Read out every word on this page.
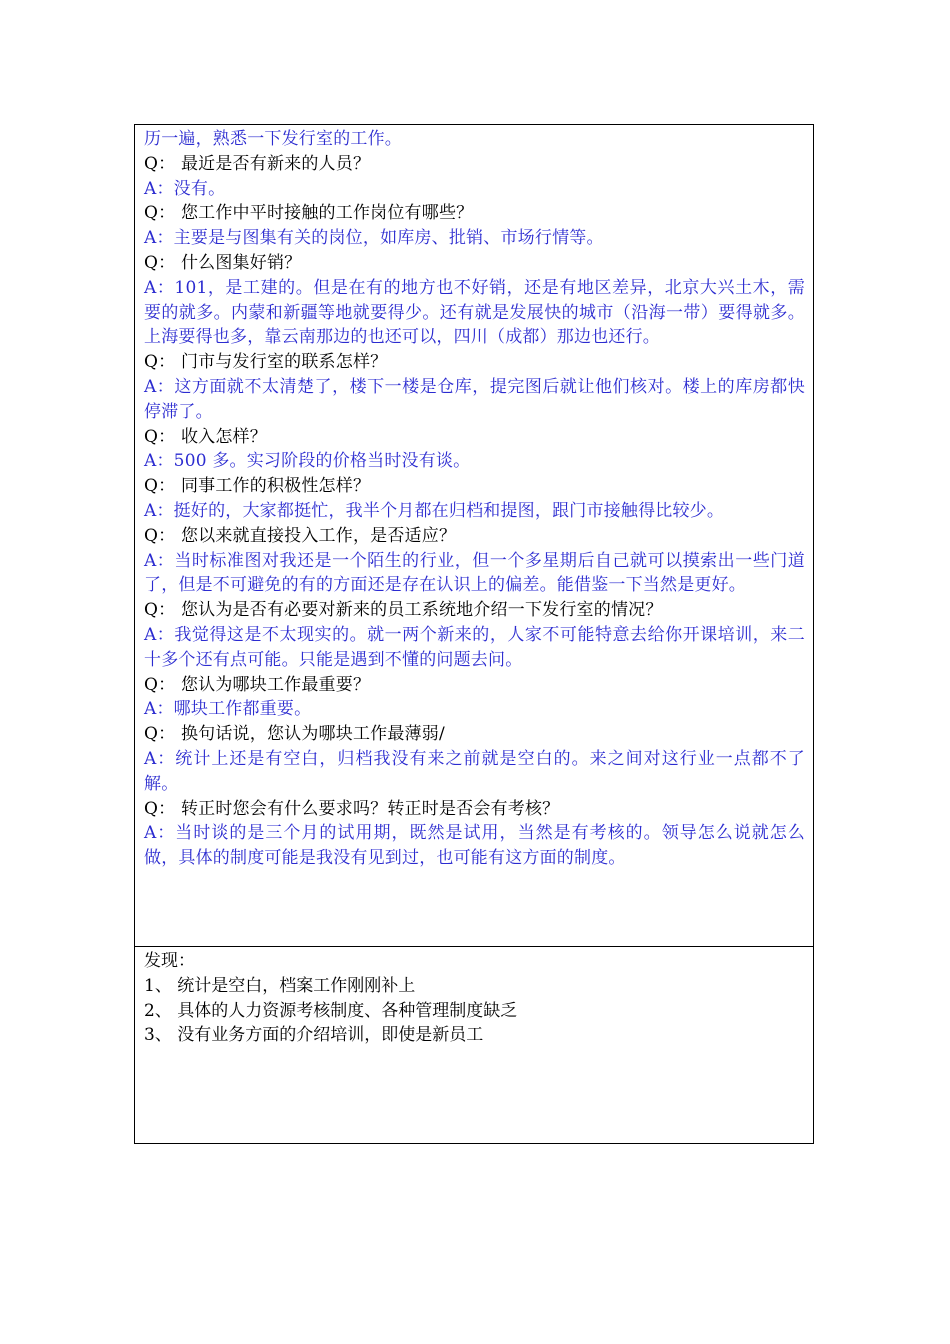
历一遍，熟悉一下发行室的工作。

Q： 最近是否有新来的人员？

A：没有。

Q： 您工作中平时接触的工作岗位有哪些？

A：主要是与图集有关的岗位，如库房、批销、市场行情等。

Q： 什么图集好销？

A：101，是工建的。但是在有的地方也不好销，还是有地区差异，北京大兴土木，需要的就多。内蒙和新疆等地就要得少。还有就是发展快的城市（沿海一带）要得就多。上海要得也多，靠云南那边的也还可以，四川（成都）那边也还行。

Q： 门市与发行室的联系怎样？

A：这方面就不太清楚了，楼下一楼是仓库，提完图后就让他们核对。楼上的库房都快停滞了。

Q： 收入怎样？

A：500 多。实习阶段的价格当时没有谈。

Q： 同事工作的积极性怎样？

A：挺好的，大家都挺忙，我半个月都在归档和提图，跟门市接触得比较少。

Q： 您以来就直接投入工作，是否适应？

A：当时标准图对我还是一个陌生的行业，但一个多星期后自己就可以摸索出一些门道了，但是不可避免的有的方面还是存在认识上的偏差。能借鉴一下当然是更好。

Q： 您认为是否有必要对新来的员工系统地介绍一下发行室的情况？

A：我觉得这是不太现实的。就一两个新来的，人家不可能特意去给你开课培训，来二十多个还有点可能。只能是遇到不懂的问题去问。

Q： 您认为哪块工作最重要？

A：哪块工作都重要。

Q： 换句话说，您认为哪块工作最薄弱/

A：统计上还是有空白，归档我没有来之前就是空白的。来之间对这行业一点都不了解。

Q： 转正时您会有什么要求吗？转正时是否会有考核？

A：当时谈的是三个月的试用期，既然是试用，当然是有考核的。领导怎么说就怎么做，具体的制度可能是我没有见到过，也可能有这方面的制度。

发现：

1、 统计是空白，档案工作刚刚补上

2、 具体的人力资源考核制度、各种管理制度缺乏

3、 没有业务方面的介绍培训，即使是新员工
